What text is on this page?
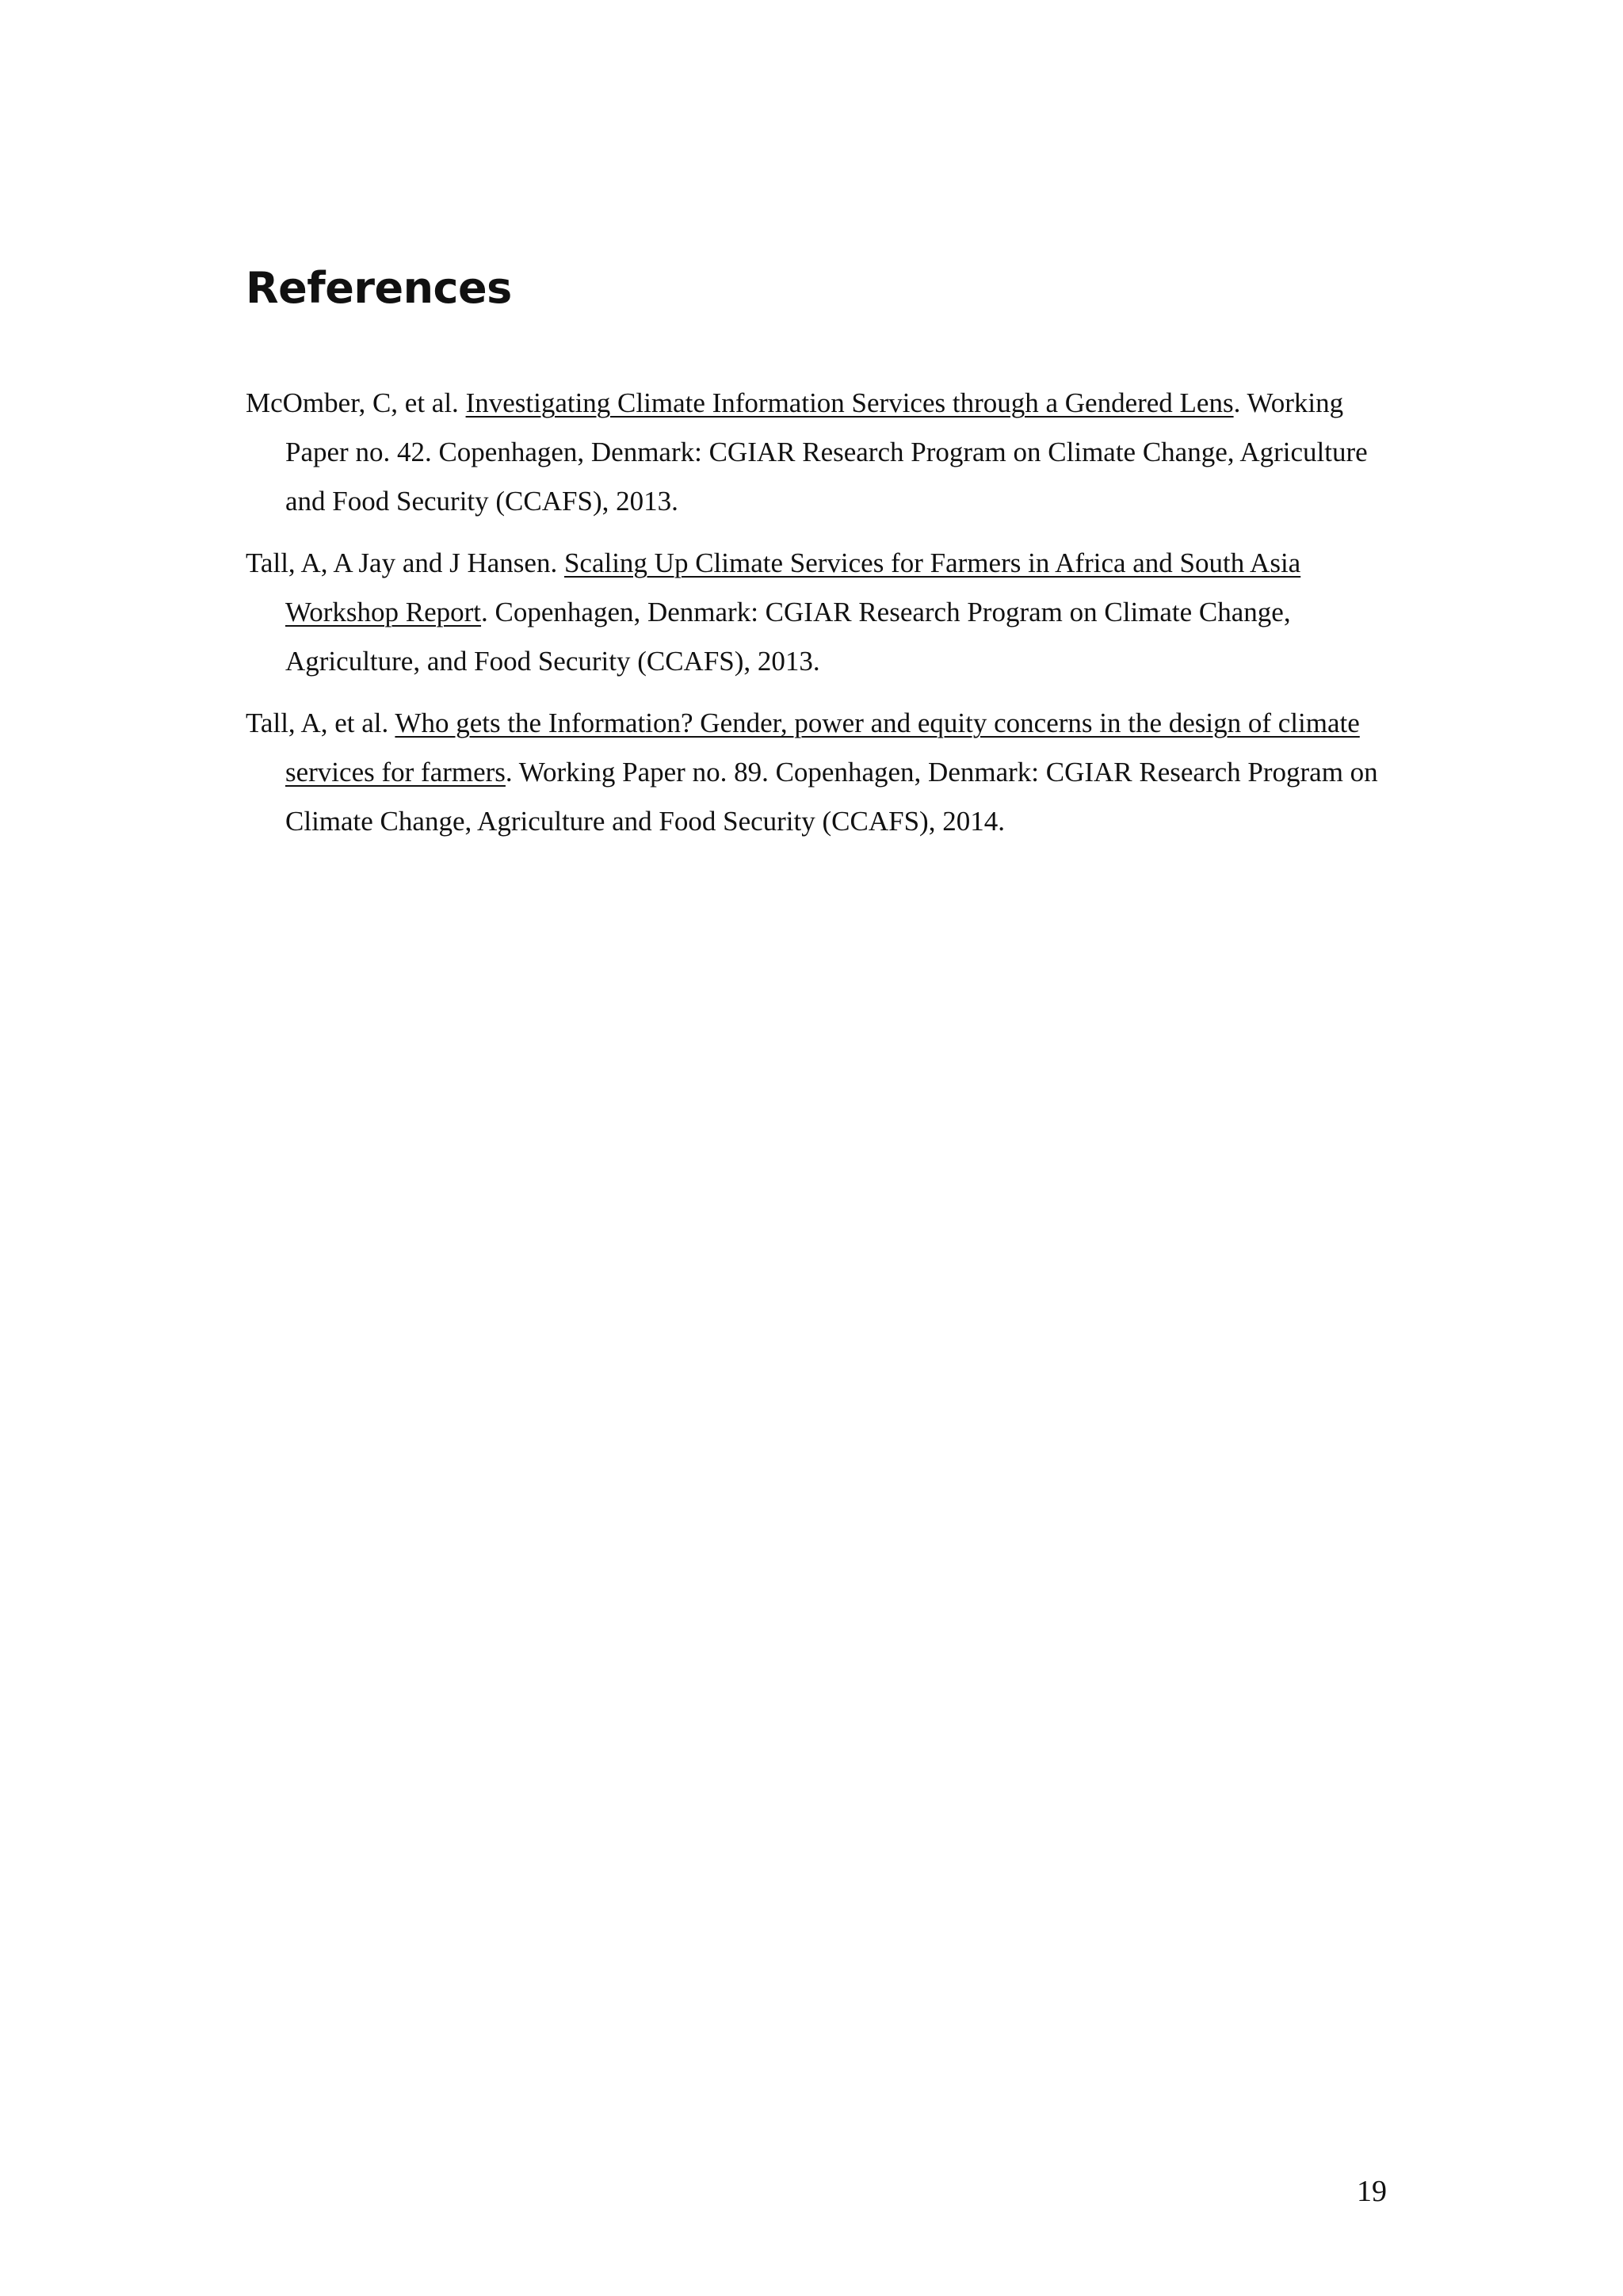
References

McOmber, C, et al. Investigating Climate Information Services through a Gendered Lens. Working Paper no. 42. Copenhagen, Denmark: CGIAR Research Program on Climate Change, Agriculture and Food Security (CCAFS), 2013.

Tall, A, A Jay and J Hansen. Scaling Up Climate Services for Farmers in Africa and South Asia Workshop Report. Copenhagen, Denmark: CGIAR Research Program on Climate Change, Agriculture, and Food Security (CCAFS), 2013.

Tall, A, et al. Who gets the Information? Gender, power and equity concerns in the design of climate services for farmers. Working Paper no. 89. Copenhagen, Denmark: CGIAR Research Program on Climate Change, Agriculture and Food Security (CCAFS), 2014.

19
